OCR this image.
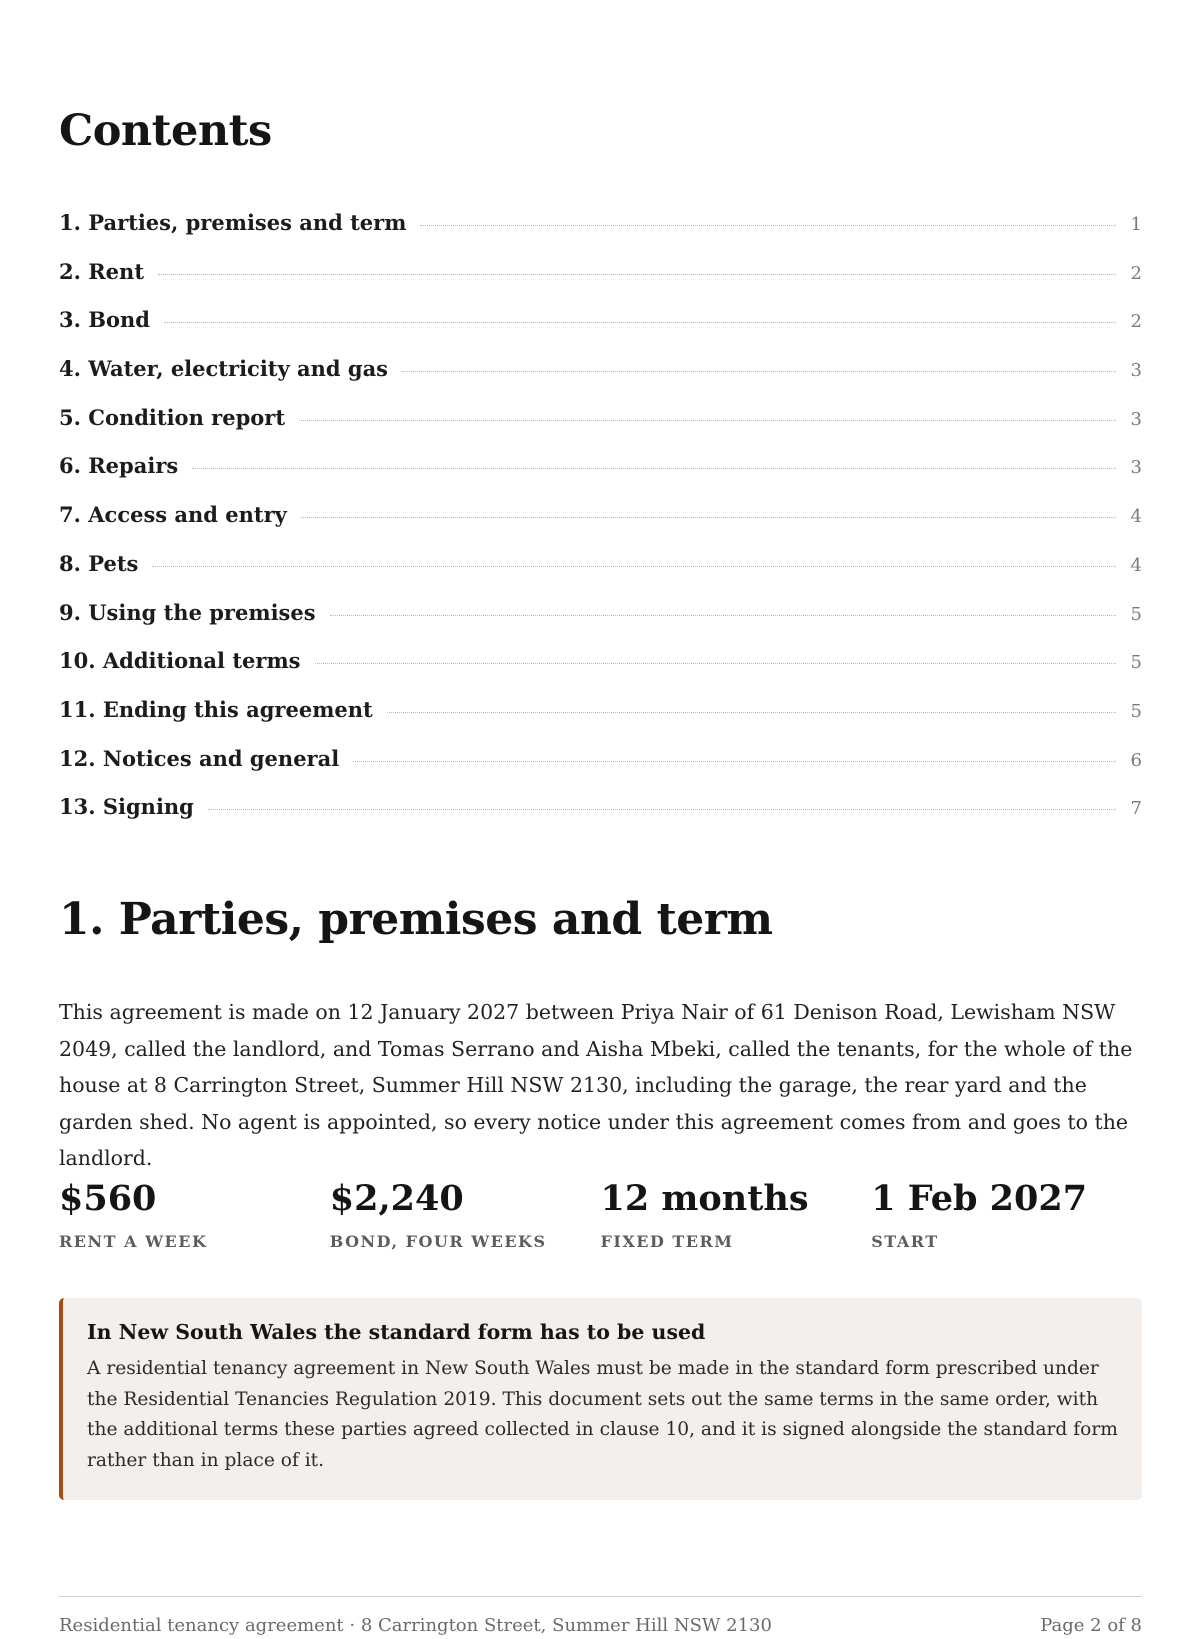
Contents
1. Parties, premises and term	1
2. Rent	2
3. Bond	2
4. Water, electricity and gas	3
5. Condition report	3
6. Repairs	3
7. Access and entry	4
8. Pets	4
9. Using the premises	5
10. Additional terms	5
11. Ending this agreement	5
12. Notices and general	6
13. Signing	7
1. Parties, premises and term

This agreement is made on 12 January 2027 between Priya Nair of 61 Denison Road, Lewisham NSW 2049, called the landlord, and Tomas Serrano and Aisha Mbeki, called the tenants, for the whole of the house at 8 Carrington Street, Summer Hill NSW 2130, including the garage, the rear yard and the garden shed. No agent is appointed, so every notice under this agreement comes from and goes to the landlord.

$560
RENT A WEEK
$2,240
BOND, FOUR WEEKS
12 months
FIXED TERM
1 Feb 2027
START

In New South Wales the standard form has to be used

A residential tenancy agreement in New South Wales must be made in the standard form prescribed under the Residential Tenancies Regulation 2019. This document sets out the same terms in the same order, with the additional terms these parties agreed collected in clause 10, and it is signed alongside the standard form rather than in place of it.

Residential tenancy agreement · 8 Carrington Street, Summer Hill NSW 2130	Page 2 of 8
